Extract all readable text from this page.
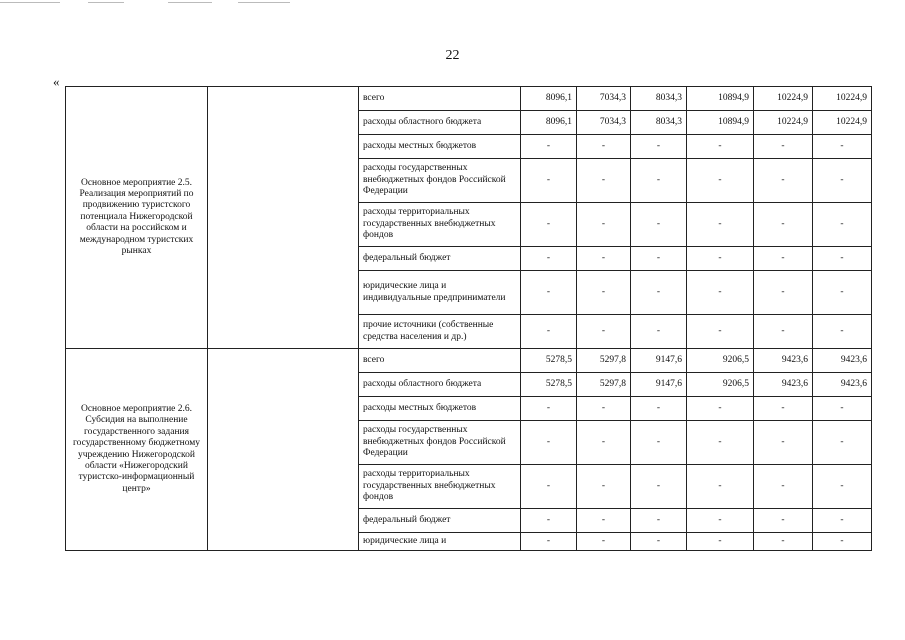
22
«
Основное мероприятие 2.5. Реализация мероприятий по продвижению туристского потенциала Нижегородской области на российском и международном туристских рынках		всего	8096,1	7034,3	8034,3	10894,9	10224,9	10224,9
		расходы областного бюджета	8096,1	7034,3	8034,3	10894,9	10224,9	10224,9
		расходы местных бюджетов	-	-	-	-	-	-
		расходы государственных внебюджетных фондов Российской Федерации	-	-	-	-	-	-
		расходы территориальных государственных внебюджетных фондов	-	-	-	-	-	-
		федеральный бюджет	-	-	-	-	-	-
		юридические лица и индивидуальные предприниматели	-	-	-	-	-	-
		прочие источники (собственные средства населения и др.)	-	-	-	-	-	-
Основное мероприятие 2.6. Субсидия на выполнение государственного задания государственному бюджетному учреждению Нижегородской области «Нижегородский туристско-информационный центр»		всего	5278,5	5297,8	9147,6	9206,5	9423,6	9423,6
		расходы областного бюджета	5278,5	5297,8	9147,6	9206,5	9423,6	9423,6
		расходы местных бюджетов	-	-	-	-	-	-
		расходы государственных внебюджетных фондов Российской Федерации	-	-	-	-	-	-
		расходы территориальных государственных внебюджетных фондов	-	-	-	-	-	-
		федеральный бюджет	-	-	-	-	-	-
		юридические лица и	-	-	-	-	-	-
